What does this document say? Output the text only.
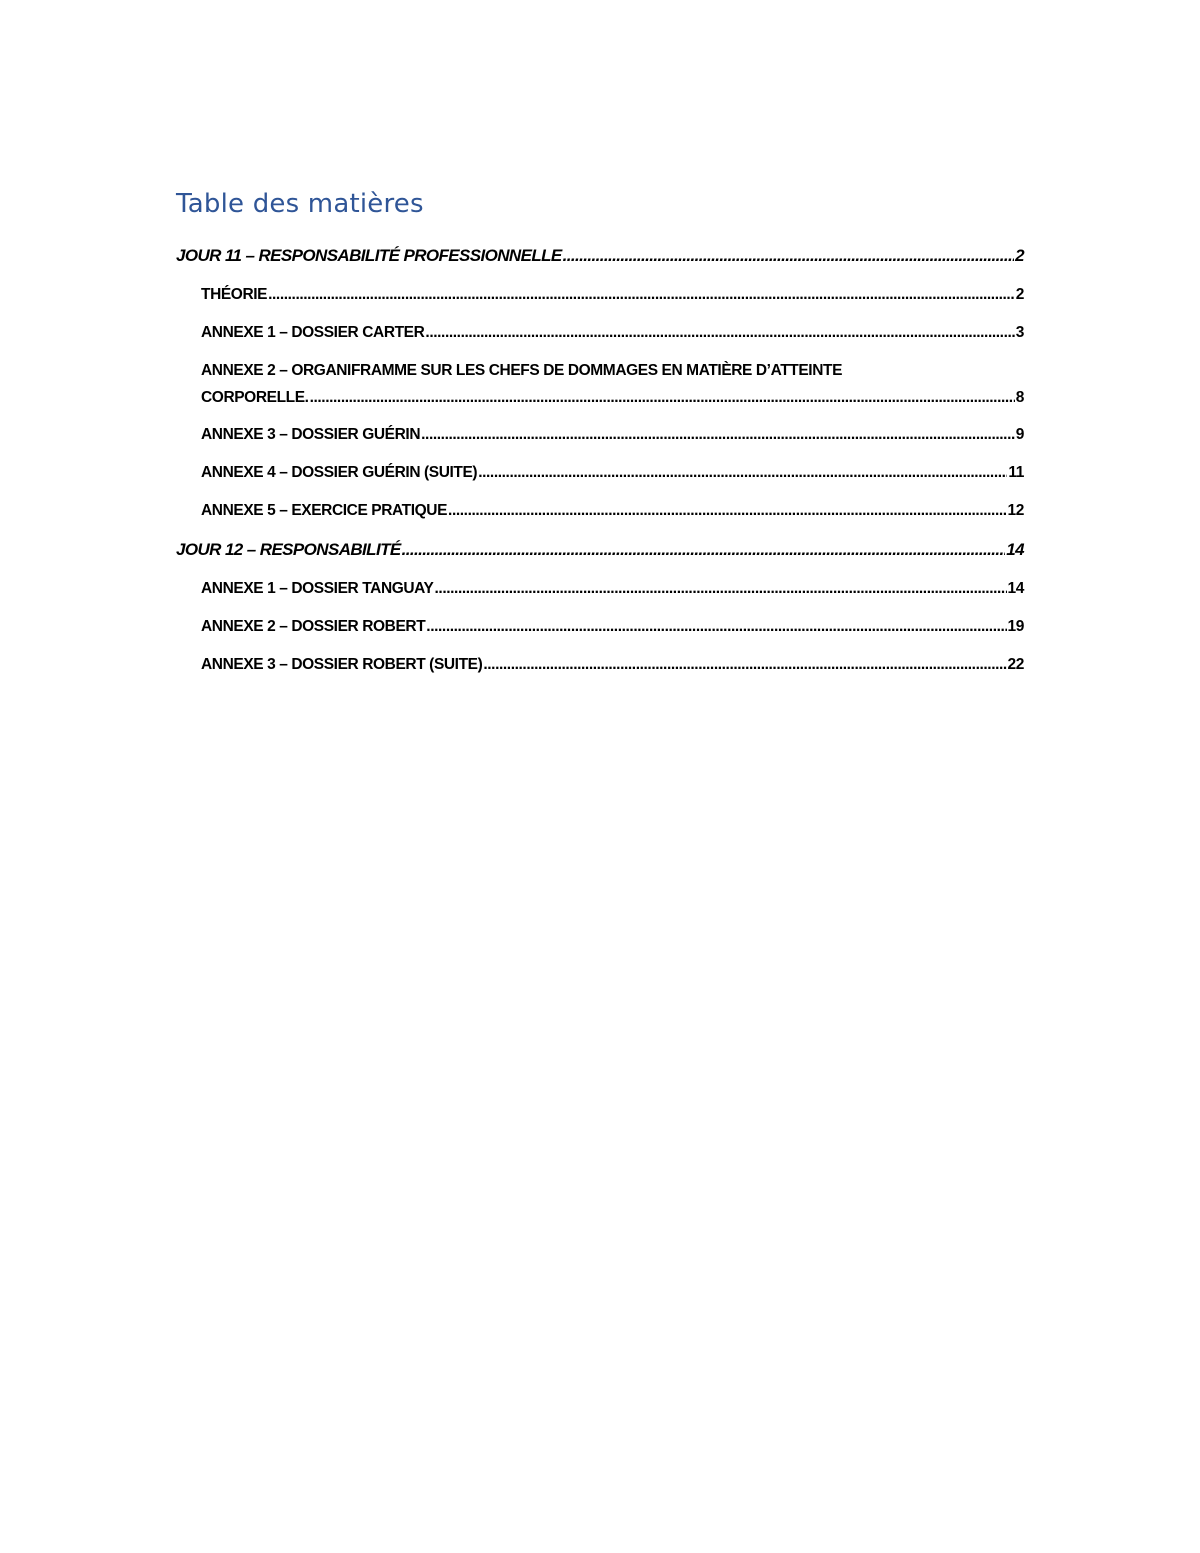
Table des matières
JOUR 11 – RESPONSABILITÉ PROFESSIONNELLE .....	2
THÉORIE .....	2
ANNEXE 1 – DOSSIER CARTER .....	3
ANNEXE 2 – ORGANIFRAMME SUR LES CHEFS DE DOMMAGES EN MATIÈRE D’ATTEINTE
CORPORELLE. .....	8
ANNEXE 3 – DOSSIER GUÉRIN .....	9
ANNEXE 4 – DOSSIER GUÉRIN (SUITE) .....	11
ANNEXE 5 – EXERCICE PRATIQUE .....	12
JOUR 12 – RESPONSABILITÉ .....	14
ANNEXE 1 – DOSSIER TANGUAY .....	14
ANNEXE 2 – DOSSIER ROBERT .....	19
ANNEXE 3 – DOSSIER ROBERT (SUITE) .....	22
